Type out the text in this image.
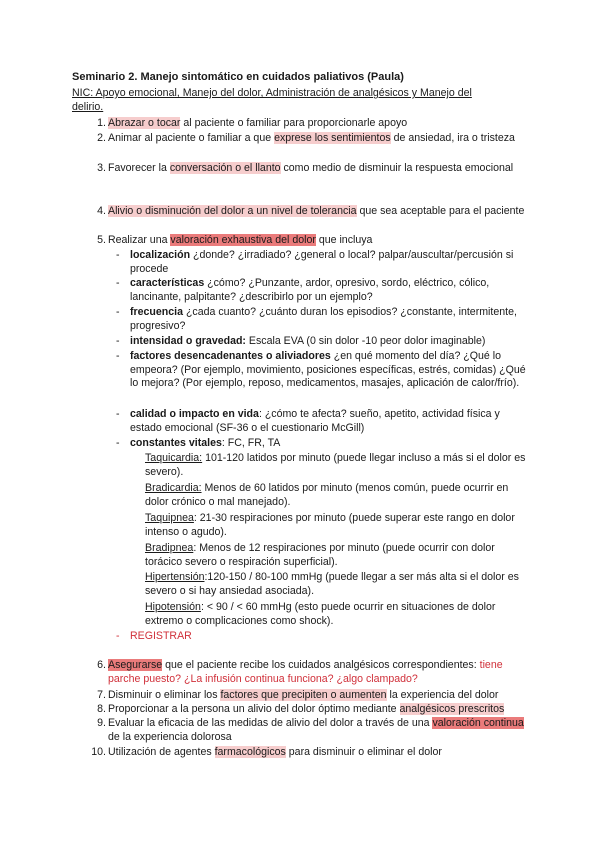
Seminario 2. Manejo sintomático en cuidados paliativos (Paula)
NIC: Apoyo emocional, Manejo del dolor, Administración de analgésicos y Manejo del delirio.
1. Abrazar o tocar al paciente o familiar para proporcionarle apoyo
2. Animar al paciente o familiar a que exprese los sentimientos de ansiedad, ira o tristeza
3. Favorecer la conversación o el llanto como medio de disminuir la respuesta emocional
4. Alivio o disminución del dolor a un nivel de tolerancia que sea aceptable para el paciente
5. Realizar una valoración exhaustiva del dolor que incluya
- localización ¿donde? ¿irradiado? ¿general o local? palpar/auscultar/percusión si procede
- características ¿cómo? ¿Punzante, ardor, opresivo, sordo, eléctrico, cólico, lancinante, palpitante? ¿describirlo por un ejemplo?
- frecuencia ¿cada cuanto? ¿cuánto duran los episodios? ¿constante, intermitente, progresivo?
- intensidad o gravedad: Escala EVA (0 sin dolor -10 peor dolor imaginable)
- factores desencadenantes o aliviadores ¿en qué momento del día? ¿Qué lo empeora? (Por ejemplo, movimiento, posiciones específicas, estrés, comidas) ¿Qué lo mejora? (Por ejemplo, reposo, medicamentos, masajes, aplicación de calor/frío).
- calidad o impacto en vida: ¿cómo te afecta? sueño, apetito, actividad física y estado emocional (SF-36 o el cuestionario McGill)
- constantes vitales: FC, FR, TA
Taquicardia: 101-120 latidos por minuto (puede llegar incluso a más si el dolor es severo).
Bradicardia: Menos de 60 latidos por minuto (menos común, puede ocurrir en dolor crónico o mal manejado).
Taquipnea: 21-30 respiraciones por minuto (puede superar este rango en dolor intenso o agudo).
Bradipnea: Menos de 12 respiraciones por minuto (puede ocurrir con dolor torácico severo o respiración superficial).
Hipertensión:120-150 / 80-100 mmHg (puede llegar a ser más alta si el dolor es severo o si hay ansiedad asociada).
Hipotensión: < 90 / < 60 mmHg (esto puede ocurrir en situaciones de dolor extremo o complicaciones como shock).
- REGISTRAR
6. Asegurarse que el paciente recibe los cuidados analgésicos correspondientes: tiene parche puesto? ¿La infusión continua funciona? ¿algo clampado?
7. Disminuir o eliminar los factores que precipiten o aumenten la experiencia del dolor
8. Proporcionar a la persona un alivio del dolor óptimo mediante analgésicos prescritos
9. Evaluar la eficacia de las medidas de alivio del dolor a través de una valoración continua de la experiencia dolorosa
10. Utilización de agentes farmacológicos para disminuir o eliminar el dolor
